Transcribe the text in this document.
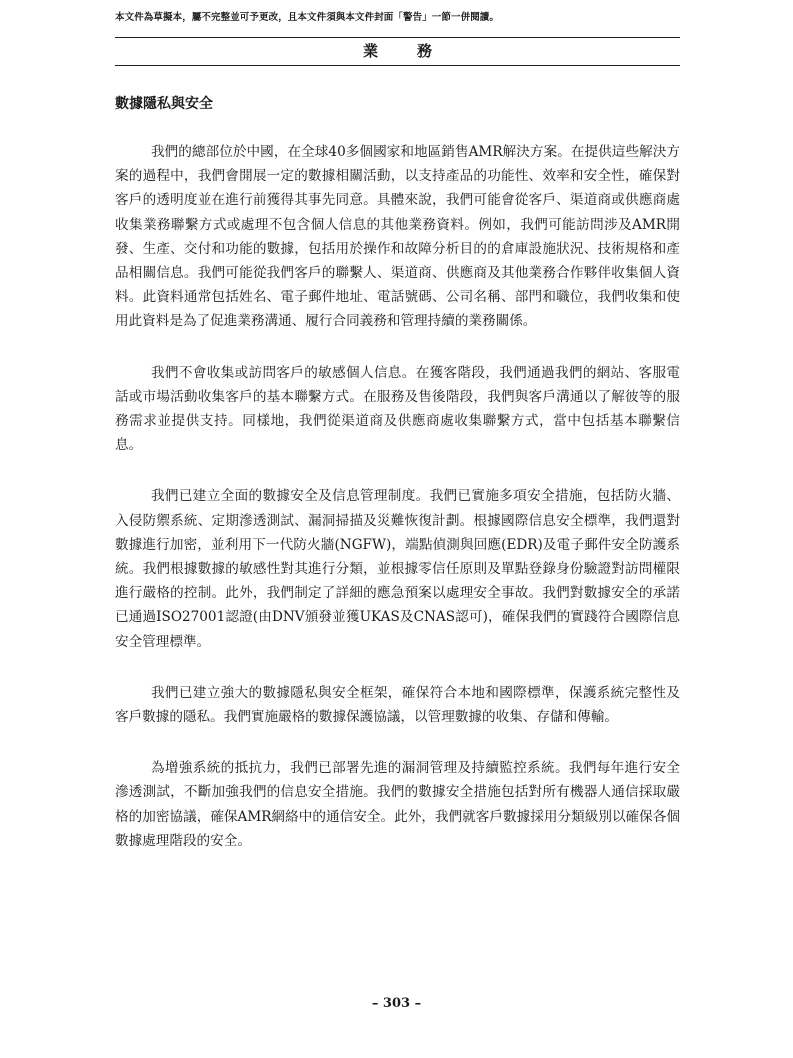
本文件為草擬本，屬不完整並可予更改，且本文件須與本文件封面「警告」一節一併閱讀。
業　務
數據隱私與安全

我們的總部位於中國，在全球40多個國家和地區銷售AMR解決方案。在提供這些解決方案的過程中，我們會開展一定的數據相關活動，以支持產品的功能性、效率和安全性，確保對客戶的透明度並在進行前獲得其事先同意。具體來說，我們可能會從客戶、渠道商或供應商處收集業務聯繫方式或處理不包含個人信息的其他業務資料。例如，我們可能訪問涉及AMR開發、生產、交付和功能的數據，包括用於操作和故障分析目的的倉庫設施狀況、技術規格和產品相關信息。我們可能從我們客戶的聯繫人、渠道商、供應商及其他業務合作夥伴收集個人資料。此資料通常包括姓名、電子郵件地址、電話號碼、公司名稱、部門和職位，我們收集和使用此資料是為了促進業務溝通、履行合同義務和管理持續的業務關係。

我們不會收集或訪問客戶的敏感個人信息。在獲客階段，我們通過我們的網站、客服電話或市場活動收集客戶的基本聯繫方式。在服務及售後階段，我們與客戶溝通以了解彼等的服務需求並提供支持。同樣地，我們從渠道商及供應商處收集聯繫方式，當中包括基本聯繫信息。

我們已建立全面的數據安全及信息管理制度。我們已實施多項安全措施，包括防火牆、入侵防禦系統、定期滲透測試、漏洞掃描及災難恢復計劃。根據國際信息安全標準，我們還對數據進行加密，並利用下一代防火牆(NGFW)，端點偵測與回應(EDR)及電子郵件安全防護系統。我們根據數據的敏感性對其進行分類，並根據零信任原則及單點登錄身份驗證對訪問權限進行嚴格的控制。此外，我們制定了詳細的應急預案以處理安全事故。我們對數據安全的承諾已通過ISO27001認證(由DNV頒發並獲UKAS及CNAS認可)，確保我們的實踐符合國際信息安全管理標準。

我們已建立強大的數據隱私與安全框架，確保符合本地和國際標準，保護系統完整性及客戶數據的隱私。我們實施嚴格的數據保護協議，以管理數據的收集、存儲和傳輸。

為增強系統的抵抗力，我們已部署先進的漏洞管理及持續監控系統。我們每年進行安全滲透測試，不斷加強我們的信息安全措施。我們的數據安全措施包括對所有機器人通信採取嚴格的加密協議，確保AMR網絡中的通信安全。此外，我們就客戶數據採用分類級別以確保各個數據處理階段的安全。

– 303 –
